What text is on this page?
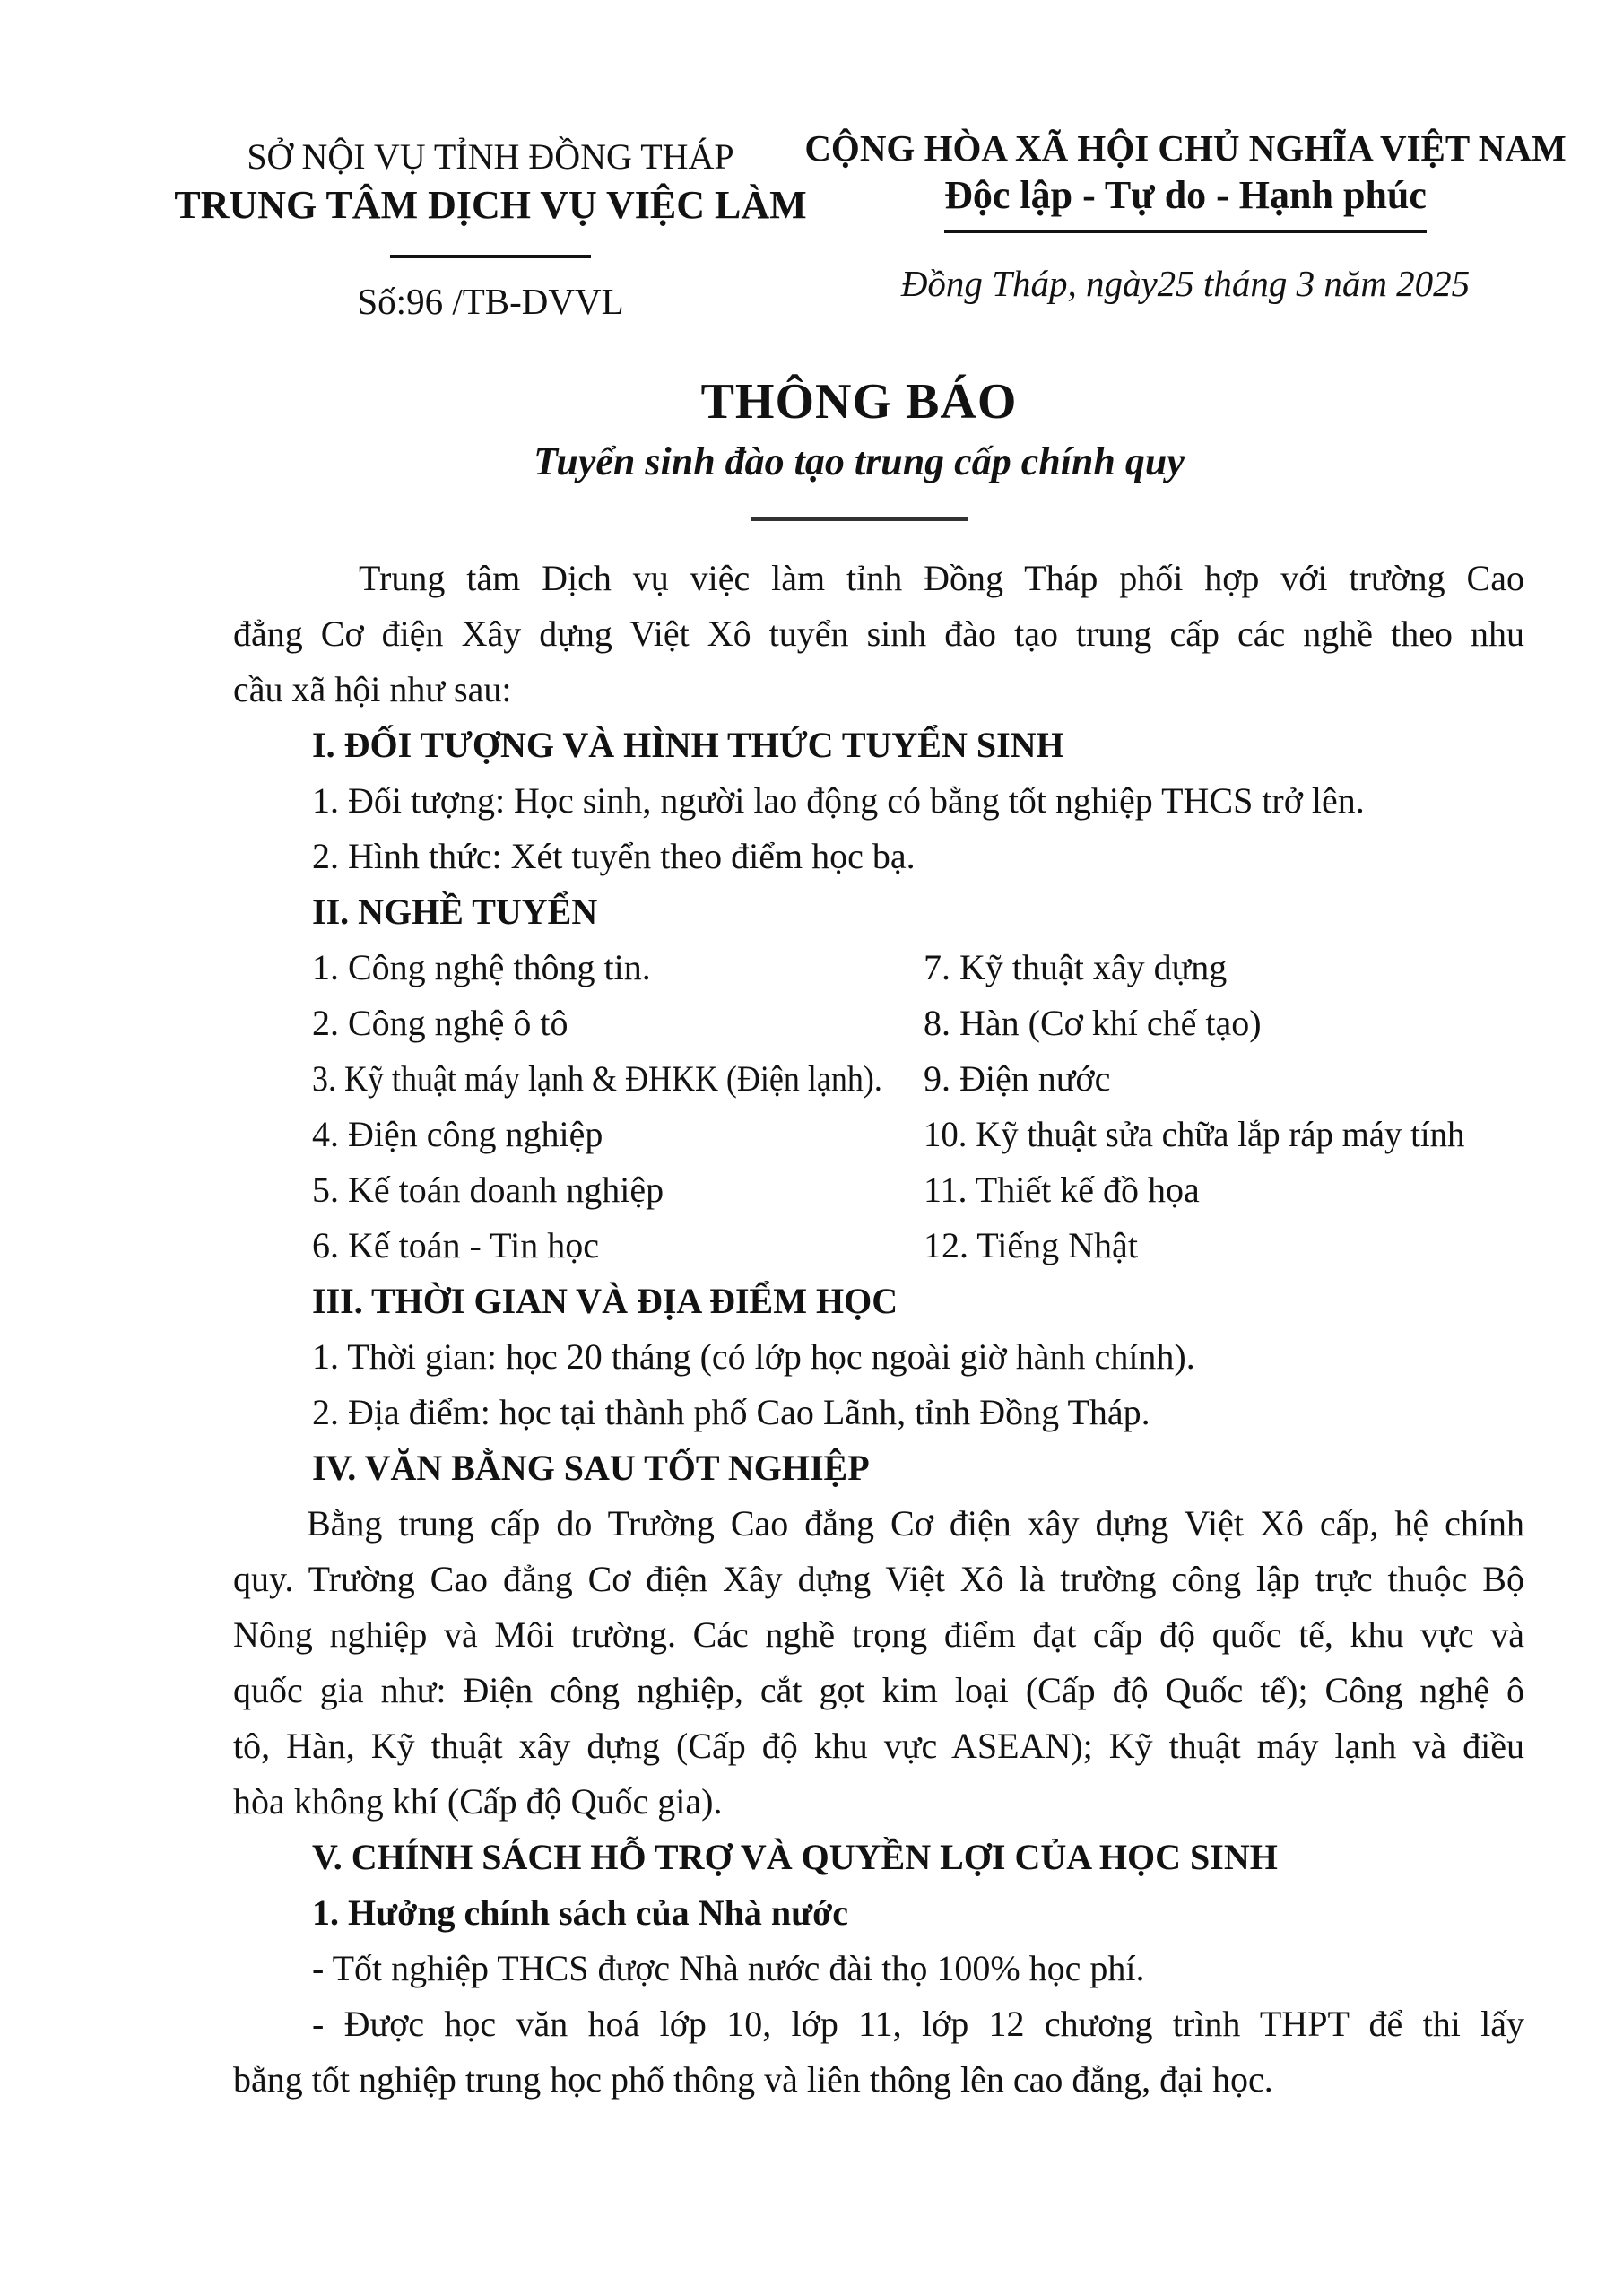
SỞ NỘI VỤ TỈNH ĐỒNG THÁP
TRUNG TÂM DỊCH VỤ VIỆC LÀM
Số:96 /TB-DVVL
CỘNG HÒA XÃ HỘI CHỦ NGHĨA VIỆT NAM
Độc lập - Tự do - Hạnh phúc
Đồng Tháp, ngày25 tháng 3 năm 2025
THÔNG BÁO
Tuyển sinh đào tạo trung cấp chính quy
Trung tâm Dịch vụ việc làm tỉnh Đồng Tháp phối hợp với trường Cao
đẳng Cơ điện Xây dựng Việt Xô tuyển sinh đào tạo trung cấp các nghề theo nhu
cầu xã hội như sau:
I. ĐỐI TƯỢNG VÀ HÌNH THỨC TUYỂN SINH
1. Đối tượng: Học sinh, người lao động có bằng tốt nghiệp THCS trở lên.
2. Hình thức: Xét tuyển theo điểm học bạ.
II. NGHỀ TUYỂN
1. Công nghệ thông tin.	7. Kỹ thuật xây dựng
2. Công nghệ ô tô	8. Hàn (Cơ khí chế tạo)
3. Kỹ thuật máy lạnh & ĐHKK (Điện lạnh).	9. Điện nước
4. Điện công nghiệp	10. Kỹ thuật sửa chữa lắp ráp máy tính
5. Kế toán doanh nghiệp	11. Thiết kế đồ họa
6. Kế toán - Tin học	12. Tiếng Nhật
III. THỜI GIAN VÀ ĐỊA ĐIỂM HỌC
1. Thời gian: học 20 tháng (có lớp học ngoài giờ hành chính).
2. Địa điểm: học tại thành phố Cao Lãnh, tỉnh Đồng Tháp.
IV. VĂN BẰNG SAU TỐT NGHIỆP
Bằng trung cấp do Trường Cao đẳng Cơ điện xây dựng Việt Xô cấp, hệ chính
quy. Trường Cao đẳng Cơ điện Xây dựng Việt Xô là trường công lập trực thuộc Bộ
Nông nghiệp và Môi trường. Các nghề trọng điểm đạt cấp độ quốc tế, khu vực và
quốc gia như: Điện công nghiệp, cắt gọt kim loại (Cấp độ Quốc tế); Công nghệ ô
tô, Hàn, Kỹ thuật xây dựng (Cấp độ khu vực ASEAN); Kỹ thuật máy lạnh và điều
hòa không khí (Cấp độ Quốc gia).
V. CHÍNH SÁCH HỖ TRỢ VÀ QUYỀN LỢI CỦA HỌC SINH
1. Hưởng chính sách của Nhà nước
- Tốt nghiệp THCS được Nhà nước đài thọ 100% học phí.
- Được học văn hoá lớp 10, lớp 11, lớp 12 chương trình THPT để thi lấy
bằng tốt nghiệp trung học phổ thông và liên thông lên cao đẳng, đại học.
